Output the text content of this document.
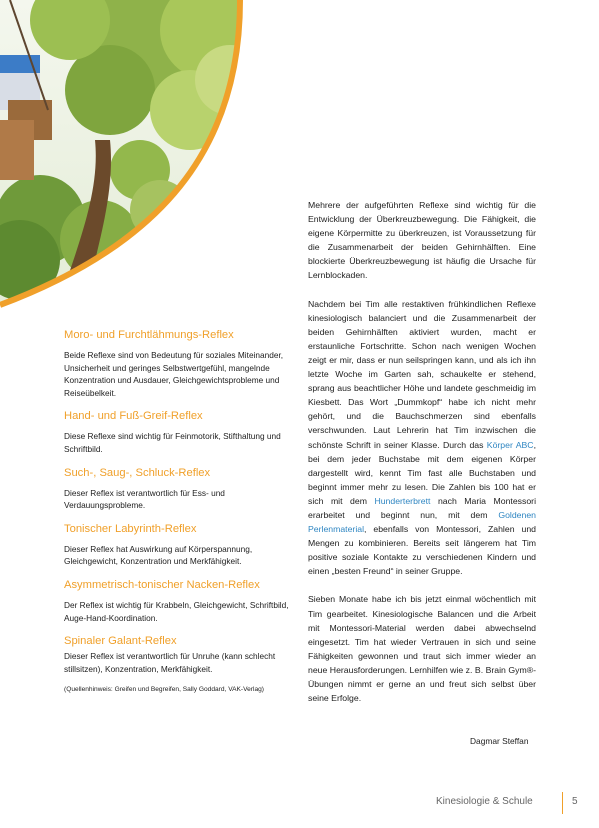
Moro- und Furchtlähmungs-Reflex

Beide Reflexe sind von Bedeutung für soziales Miteinander, Unsicherheit und geringes Selbstwertgefühl, mangelnde Konzentration und Ausdauer, Gleichgewichtsprobleme und Reiseübelkeit.

Hand- und Fuß-Greif-Reflex

Diese Reflexe sind wichtig für Feinmotorik, Stifthaltung und Schriftbild.

Such-, Saug-, Schluck-Reflex

Dieser Reflex ist verantwortlich für Ess- und Verdauungsprobleme.

Tonischer Labyrinth-Reflex

Dieser Reflex hat Auswirkung auf Körperspannung, Gleichgewicht, Konzentration und Merkfähigkeit.

Asymmetrisch-tonischer Nacken-Reflex

Der Reflex ist wichtig für Krabbeln, Gleichgewicht, Schriftbild, Auge-Hand-Koordination.

Spinaler Galant-Reflex

Dieser Reflex ist verantwortlich für Unruhe (kann schlecht stillsitzen), Konzentration, Merkfähigkeit.

(Quellenhinweis: Greifen und Begreifen, Sally Goddard, VAK-Verlag)

Mehrere der aufgeführten Reflexe sind wichtig für die Entwicklung der Überkreuzbewegung. Die Fähigkeit, die eigene Körpermitte zu überkreuzen, ist Voraussetzung für die Zusammenarbeit der beiden Gehirnhälften. Eine blockierte Überkreuzbewegung ist häufig die Ursache für Lernblockaden.

Nachdem bei Tim alle restaktiven frühkindlichen Reflexe kinesiologisch balanciert und die Zusammenarbeit der beiden Gehirnhälften aktiviert wurden, macht er erstaunliche Fortschritte. Schon nach wenigen Wochen zeigt er mir, dass er nun seilspringen kann, und als ich ihn letzte Woche im Garten sah, schaukelte er stehend, sprang aus beachtlicher Höhe und landete geschmeidig im Kiesbett. Das Wort „Dummkopf“ habe ich nicht mehr gehört, und die Bauchschmerzen sind ebenfalls verschwunden. Laut Lehrerin hat Tim inzwischen die schönste Schrift in seiner Klasse. Durch das Körper ABC, bei dem jeder Buchstabe mit dem eigenen Körper dargestellt wird, kennt Tim fast alle Buchstaben und beginnt immer mehr zu lesen. Die Zahlen bis 100 hat er sich mit dem Hunderterbrett nach Maria Montessori erarbeitet und beginnt nun, mit dem Goldenen Perlenmaterial, ebenfalls von Montessori, Zahlen und Mengen zu kombinieren. Bereits seit längerem hat Tim positive soziale Kontakte zu verschiedenen Kindern und einen „besten Freund“ in seiner Gruppe.

Sieben Monate habe ich bis jetzt einmal wöchentlich mit Tim gearbeitet. Kinesiologische Balancen und die Arbeit mit Montessori-Material werden dabei abwechselnd eingesetzt. Tim hat wieder Vertrauen in sich und seine Fähigkeiten gewonnen und traut sich immer wieder an neue Herausforderungen. Lernhilfen wie z. B. Brain Gym®-Übungen nimmt er gerne an und freut sich selbst über seine Erfolge.

Dagmar Steffan
Kinesiologie & Schule	5
